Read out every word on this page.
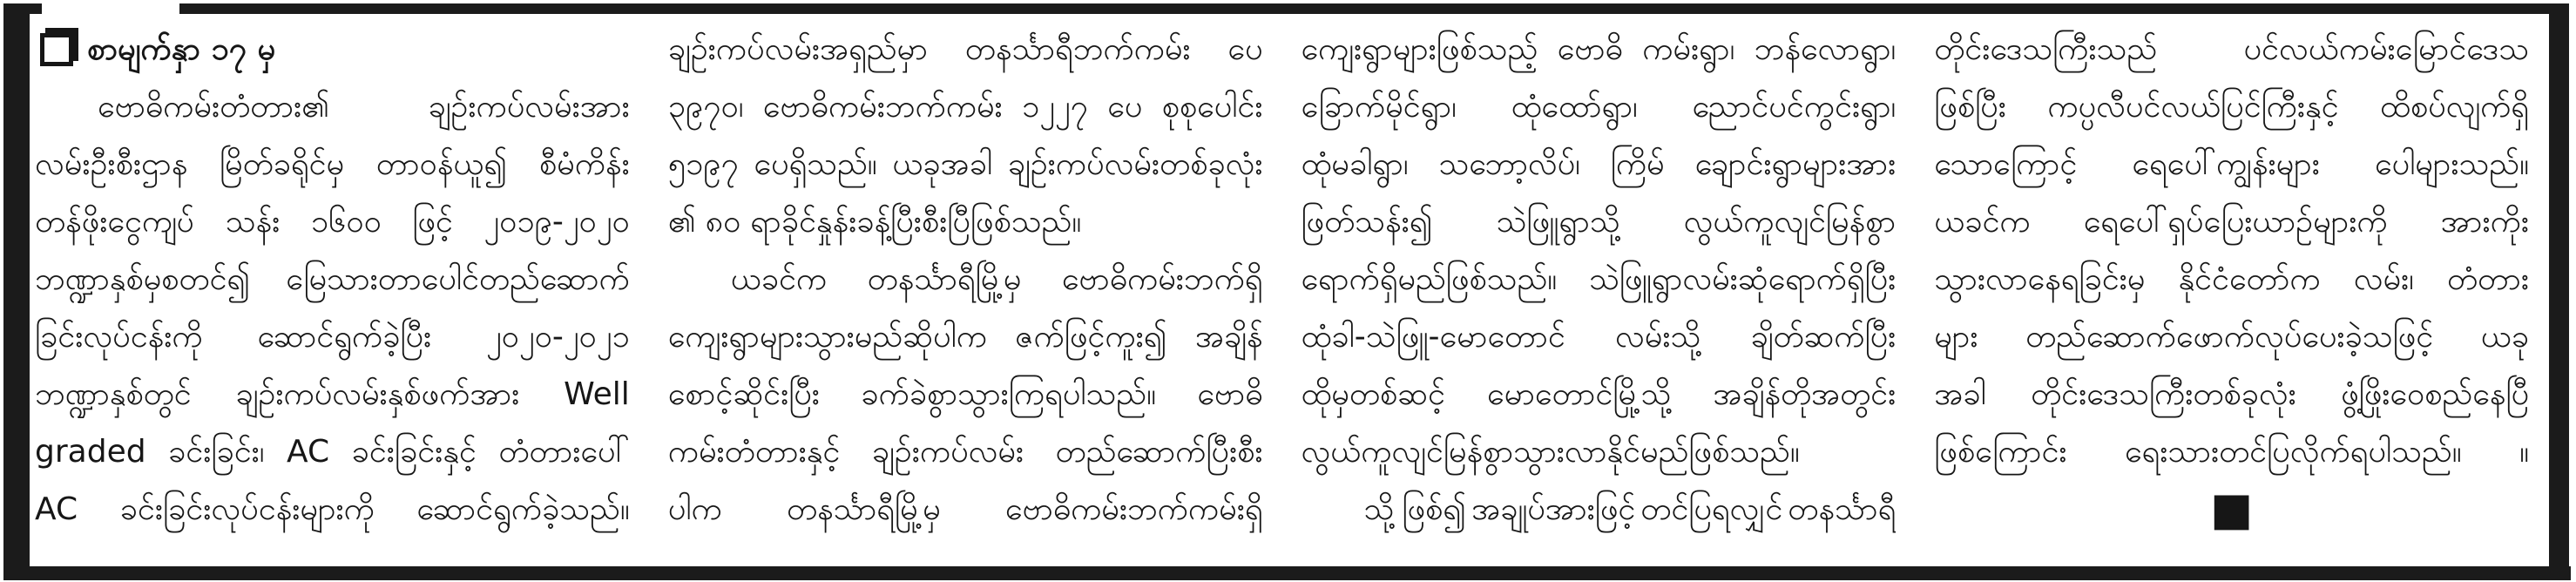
စာမျက်နှာ ၁၇ မှ
ဗောဓိကမ်းတံတား၏	ချဉ်းကပ်လမ်းအား
လမ်းဦးစီးဌာန မြိတ်ခရိုင်မှ တာဝန်ယူ၍ စီမံကိန်း
တန်ဖိုးငွေကျပ် သန်း ၁၆၀၀ ဖြင့် ၂၀၁၉-၂၀၂၀
ဘဏ္ဍာနှစ်မှစတင်၍ မြေသားတာပေါင်တည်ဆောက်
ခြင်းလုပ်ငန်းကို ဆောင်ရွက်ခဲ့ပြီး ၂၀၂၀-၂၀၂၁
ဘဏ္ဍာနှစ်တွင် ချဉ်းကပ်လမ်းနှစ်ဖက်အား Well
graded ခင်းခြင်း၊ AC ခင်းခြင်းနှင့် တံတားပေါ်
AC ခင်းခြင်းလုပ်ငန်းများကို ဆောင်ရွက်ခဲ့သည်။
ချဉ်းကပ်လမ်းအရှည်မှာ တနင်္သာရီဘက်ကမ်း ပေ
၃၉၇၀၊ ဗောဓိကမ်းဘက်ကမ်း ၁၂၂၇ ပေ စုစုပေါင်း
၅၁၉၇ ပေရှိသည်။ ယခုအခါ ချဉ်းကပ်လမ်းတစ်ခုလုံး
၏ ၈၀ ရာခိုင်နှုန်းခန့်ပြီးစီးပြီဖြစ်သည်။
ယခင်က တနင်္သာရီမြို့မှ ဗောဓိကမ်းဘက်ရှိ
ကျေးရွာများသွားမည်ဆိုပါက ဇက်ဖြင့်ကူး၍ အချိန်
စောင့်ဆိုင်းပြီး ခက်ခဲစွာသွားကြရပါသည်။ ဗောဓိ
ကမ်းတံတားနှင့် ချဉ်းကပ်လမ်း တည်ဆောက်ပြီးစီး
ပါက တနင်္သာရီမြို့မှ ဗောဓိကမ်းဘက်ကမ်းရှိ
ကျေးရွာများဖြစ်သည့် ဗောဓိ ကမ်းရွာ၊ ဘန်လောရွာ၊
ခြောက်မိုင်ရွာ၊ ထုံထော်ရွာ၊ ညောင်ပင်ကွင်းရွာ၊
ထုံမခါရွာ၊ သဘော့လိပ်၊ ကြိမ် ချောင်းရွာများအား
ဖြတ်သန်း၍ သဲဖြူရွာသို့ လွယ်ကူလျင်မြန်စွာ
ရောက်ရှိမည်ဖြစ်သည်။ သဲဖြူရွာလမ်းဆုံရောက်ရှိပြီး
ထုံခါ-သဲဖြူ-မောတောင် လမ်းသို့ ချိတ်ဆက်ပြီး
ထိုမှတစ်ဆင့် မောတောင်မြို့သို့ အချိန်တိုအတွင်း
လွယ်ကူလျင်မြန်စွာသွားလာနိုင်မည်ဖြစ်သည်။
သို့ဖြစ်၍ အချုပ်အားဖြင့် တင်ပြရလျှင် တနင်္သာရီ
တိုင်းဒေသကြီးသည်	ပင်လယ်ကမ်းမြောင်ဒေသ
ဖြစ်ပြီး ကပ္ပလီပင်လယ်ပြင်ကြီးနှင့် ထိစပ်လျက်ရှိ
သောကြောင့် ရေပေါ်ကျွန်းများ ပေါများသည်။
ယခင်က ရေပေါ်ရှပ်ပြေးယာဉ်များကို အားကိုး
သွားလာနေရခြင်းမှ နိုင်ငံတော်က လမ်း၊ တံတား
များ တည်ဆောက်ဖောက်လုပ်ပေးခဲ့သဖြင့် ယခု
အခါ တိုင်းဒေသကြီးတစ်ခုလုံး ဖွံ့ဖြိုးဝေစည်နေပြီ
ဖြစ်ကြောင်း ရေးသားတင်ပြလိုက်ရပါသည်။ ။
■
